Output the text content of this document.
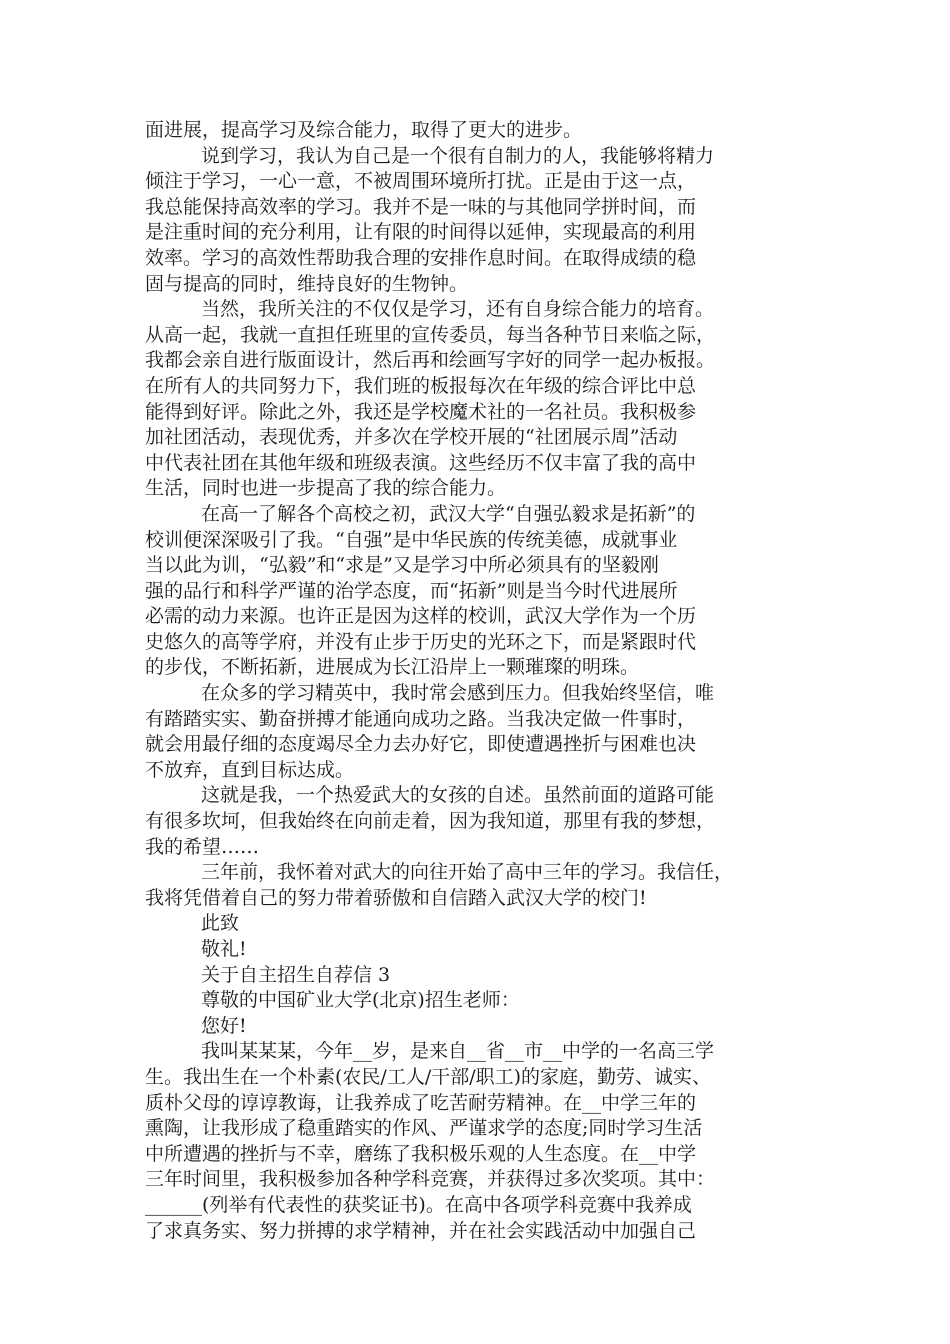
面进展，提高学习及综合能力，取得了更大的进步。
说到学习，我认为自己是一个很有自制力的人，我能够将精力
倾注于学习，一心一意，不被周围环境所打扰。正是由于这一点，
我总能保持高效率的学习。我并不是一味的与其他同学拼时间，而
是注重时间的充分利用，让有限的时间得以延伸，实现最高的利用
效率。学习的高效性帮助我合理的安排作息时间。在取得成绩的稳
固与提高的同时，维持良好的生物钟。
当然，我所关注的不仅仅是学习，还有自身综合能力的培育。
从高一起，我就一直担任班里的宣传委员，每当各种节日来临之际，
我都会亲自进行版面设计，然后再和绘画写字好的同学一起办板报。
在所有人的共同努力下，我们班的板报每次在年级的综合评比中总
能得到好评。除此之外，我还是学校魔术社的一名社员。我积极参
加社团活动，表现优秀，并多次在学校开展的“社团展示周”活动
中代表社团在其他年级和班级表演。这些经历不仅丰富了我的高中
生活，同时也进一步提高了我的综合能力。
在高一了解各个高校之初，武汉大学“自强弘毅求是拓新”的
校训便深深吸引了我。“自强”是中华民族的传统美德，成就事业
当以此为训，“弘毅”和“求是”又是学习中所必须具有的坚毅刚
强的品行和科学严谨的治学态度，而“拓新”则是当今时代进展所
必需的动力来源。也许正是因为这样的校训，武汉大学作为一个历
史悠久的高等学府，并没有止步于历史的光环之下，而是紧跟时代
的步伐，不断拓新，进展成为长江沿岸上一颗璀璨的明珠。
在众多的学习精英中，我时常会感到压力。但我始终坚信，唯
有踏踏实实、勤奋拼搏才能通向成功之路。当我决定做一件事时，
就会用最仔细的态度竭尽全力去办好它，即使遭遇挫折与困难也决
不放弃，直到目标达成。
这就是我，一个热爱武大的女孩的自述。虽然前面的道路可能
有很多坎坷，但我始终在向前走着，因为我知道，那里有我的梦想，
我的希望……
三年前，我怀着对武大的向往开始了高中三年的学习。我信任，
我将凭借着自己的努力带着骄傲和自信踏入武汉大学的校门!
此致
敬礼!
关于自主招生自荐信 3
尊敬的中国矿业大学(北京)招生老师：
您好!
我叫某某某，今年__岁，是来自__省__市__中学的一名高三学
生。我出生在一个朴素(农民/工人/干部/职工)的家庭，勤劳、诚实、
质朴父母的谆谆教诲，让我养成了吃苦耐劳精神。在__中学三年的
熏陶，让我形成了稳重踏实的作风、严谨求学的态度;同时学习生活
中所遭遇的挫折与不幸，磨练了我积极乐观的人生态度。在__中学
三年时间里，我积极参加各种学科竞赛，并获得过多次奖项。其中：
______(列举有代表性的获奖证书)。在高中各项学科竞赛中我养成
了求真务实、努力拼搏的求学精神，并在社会实践活动中加强自己
